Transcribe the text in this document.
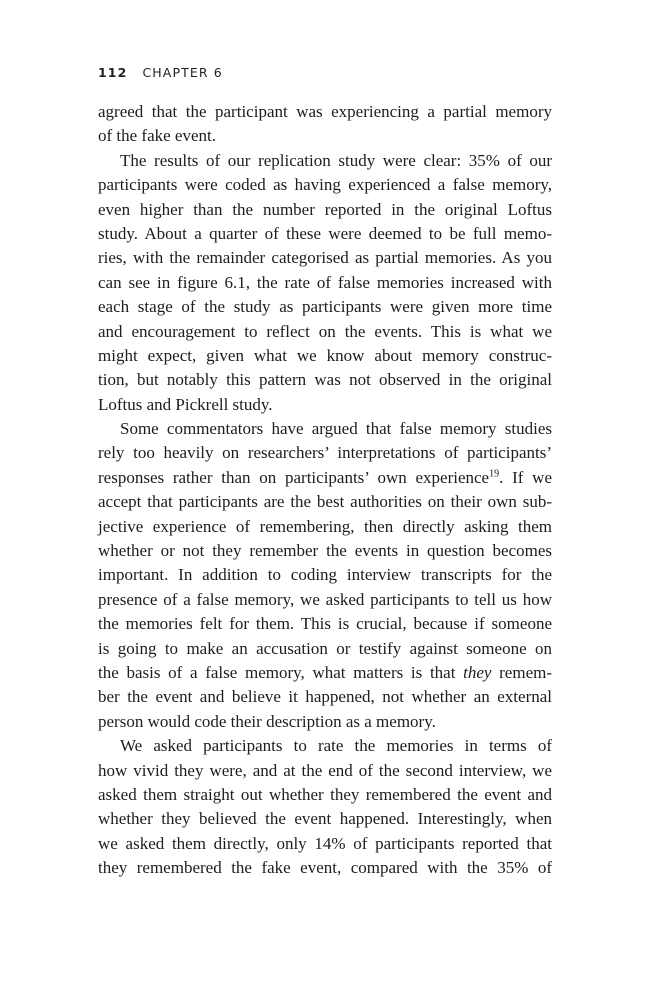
112 CHAPTER 6
agreed that the participant was experiencing a partial memory
of the fake event.
The results of our replication study were clear: 35% of our
participants were coded as having experienced a false memory,
even higher than the number reported in the original Loftus
study. About a quarter of these were deemed to be full memo-
ries, with the remainder categorised as partial memories. As you
can see in figure 6.1, the rate of false memories increased with
each stage of the study as participants were given more time
and encouragement to reflect on the events. This is what we
might expect, given what we know about memory construc-
tion, but notably this pattern was not observed in the original
Loftus and Pickrell study.
Some commentators have argued that false memory studies
rely too heavily on researchers’ interpretations of participants’
responses rather than on participants’ own experience$^{19}$. If we
accept that participants are the best authorities on their own sub-
jective experience of remembering, then directly asking them
whether or not they remember the events in question becomes
important. In addition to coding interview transcripts for the
presence of a false memory, we asked participants to tell us how
the memories felt for them. This is crucial, because if someone
is going to make an accusation or testify against someone on
the basis of a false memory, what matters is that they remem-
ber the event and believe it happened, not whether an external
person would code their description as a memory.
We asked participants to rate the memories in terms of
how vivid they were, and at the end of the second interview, we
asked them straight out whether they remembered the event and
whether they believed the event happened. Interestingly, when
we asked them directly, only 14% of participants reported that
they remembered the fake event, compared with the 35% of
